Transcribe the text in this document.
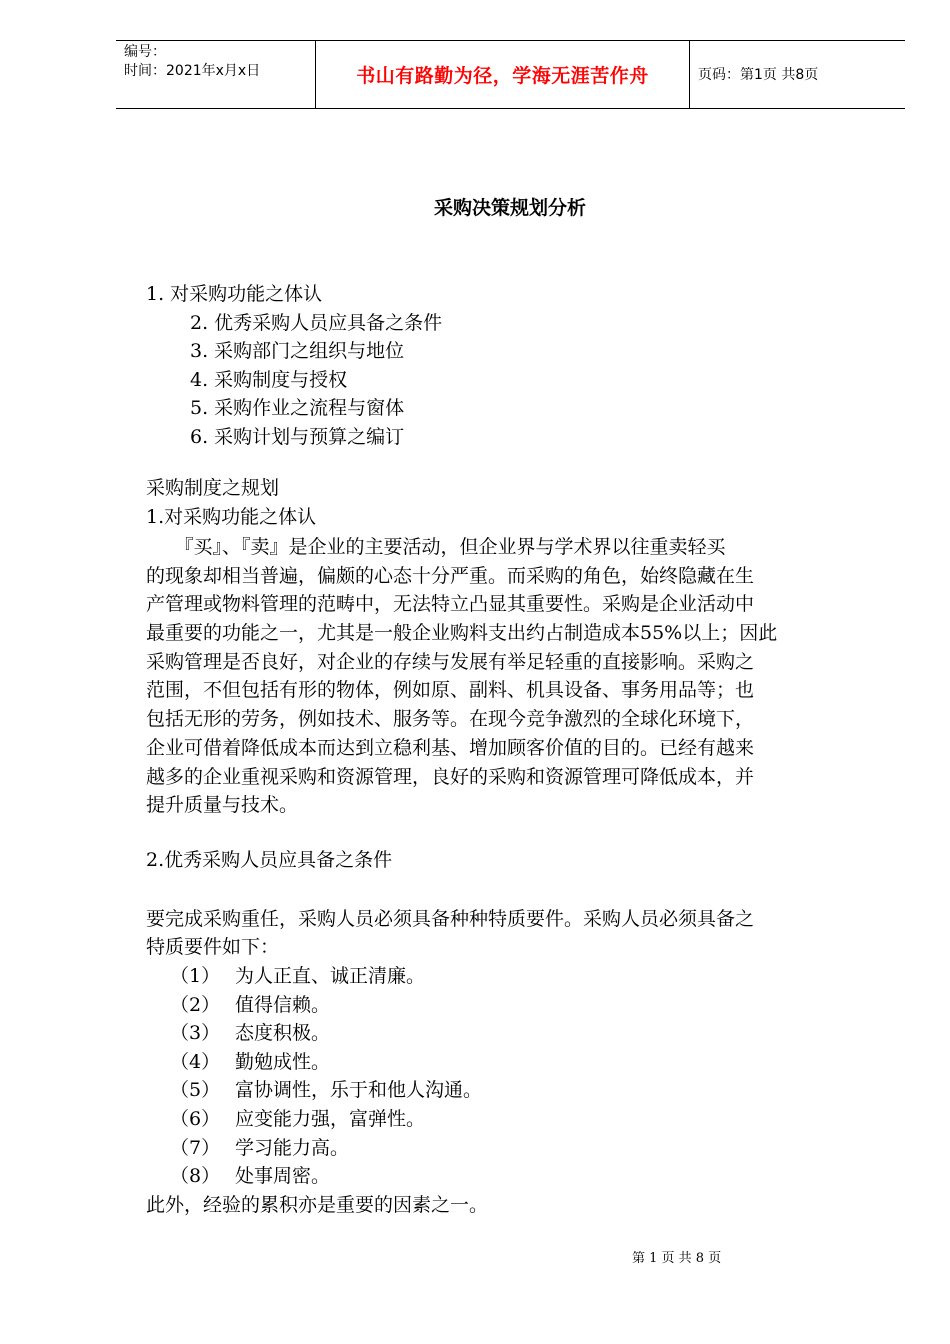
编号：
时间：2021年x月x日	书山有路勤为径，学海无涯苦作舟	页码：第1页 共8页
采购决策规划分析
1. 对采购功能之体认
2. 优秀采购人员应具备之条件
3. 采购部门之组织与地位
4. 采购制度与授权
5. 采购作业之流程与窗体
6. 采购计划与预算之编订
采购制度之规划
1.对采购功能之体认
　　『买』、『卖』是企业的主要活动，但企业界与学术界以往重卖轻买
的现象却相当普遍，偏颇的心态十分严重。而采购的角色，始终隐藏在生
产管理或物料管理的范畴中，无法特立凸显其重要性。采购是企业活动中
最重要的功能之一，尤其是一般企业购料支出约占制造成本55%以上；因此
采购管理是否良好，对企业的存续与发展有举足轻重的直接影响。采购之
范围，不但包括有形的物体，例如原、副料、机具设备、事务用品等；也
包括无形的劳务，例如技术、服务等。在现今竞争激烈的全球化环境下，
企业可借着降低成本而达到立稳利基、增加顾客价值的目的。已经有越来
越多的企业重视采购和资源管理，良好的采购和资源管理可降低成本，并
提升质量与技术。
2.优秀采购人员应具备之条件
要完成采购重任，采购人员必须具备种种特质要件。采购人员必须具备之
特质要件如下：
（1） 为人正直、诚正清廉。
（2） 值得信赖。
（3） 态度积极。
（4） 勤勉成性。
（5） 富协调性，乐于和他人沟通。
（6） 应变能力强，富弹性。
（7） 学习能力高。
（8） 处事周密。
此外，经验的累积亦是重要的因素之一。
第 1 页 共 8 页
